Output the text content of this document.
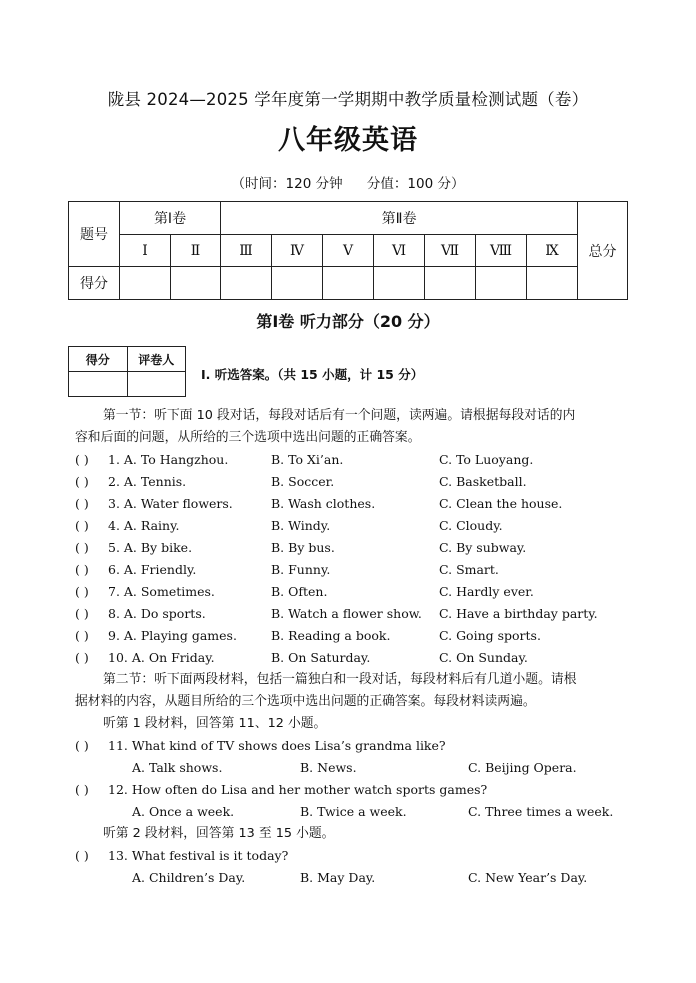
陇县 2024—2025 学年度第一学期期中教学质量检测试题（卷）
八年级英语
（时间：120 分钟 分值：100 分）
题号	第Ⅰ卷		第Ⅱ卷							总分
	Ⅰ	Ⅱ	Ⅲ	Ⅳ	Ⅴ	Ⅵ	Ⅶ	Ⅷ	Ⅸ	
得分										
第Ⅰ卷 听力部分（20 分）
得分	评卷人

I. 听选答案。（共 15 小题，计 15 分）
第一节：听下面 10 段对话，每段对话后有一个问题，读两遍。请根据每段对话的内
容和后面的问题，从所给的三个选项中选出问题的正确答案。
( ) 1. A. To Hangzhou.	B. To Xi’an.	C. To Luoyang.
( ) 2. A. Tennis.	B. Soccer.	C. Basketball.
( ) 3. A. Water flowers.	B. Wash clothes.	C. Clean the house.
( ) 4. A. Rainy.	B. Windy.	C. Cloudy.
( ) 5. A. By bike.	B. By bus.	C. By subway.
( ) 6. A. Friendly.	B. Funny.	C. Smart.
( ) 7. A. Sometimes.	B. Often.	C. Hardly ever.
( ) 8. A. Do sports.	B. Watch a flower show. C. Have a birthday party.
( ) 9. A. Playing games.	B. Reading a book.	C. Going sports.
( ) 10. A. On Friday.	B. On Saturday.	C. On Sunday.
第二节：听下面两段材料，包括一篇独白和一段对话，每段材料后有几道小题。请根
据材料的内容，从题目所给的三个选项中选出问题的正确答案。每段材料读两遍。
听第 1 段材料，回答第 11、12 小题。
( ) 11. What kind of TV shows does Lisa’s grandma like?
A. Talk shows.	B. News.	C. Beijing Opera.
( ) 12. How often do Lisa and her mother watch sports games?
A. Once a week.	B. Twice a week.	C. Three times a week.
听第 2 段材料，回答第 13 至 15 小题。
( ) 13. What festival is it today?
A. Children’s Day.	B. May Day.	C. New Year’s Day.
